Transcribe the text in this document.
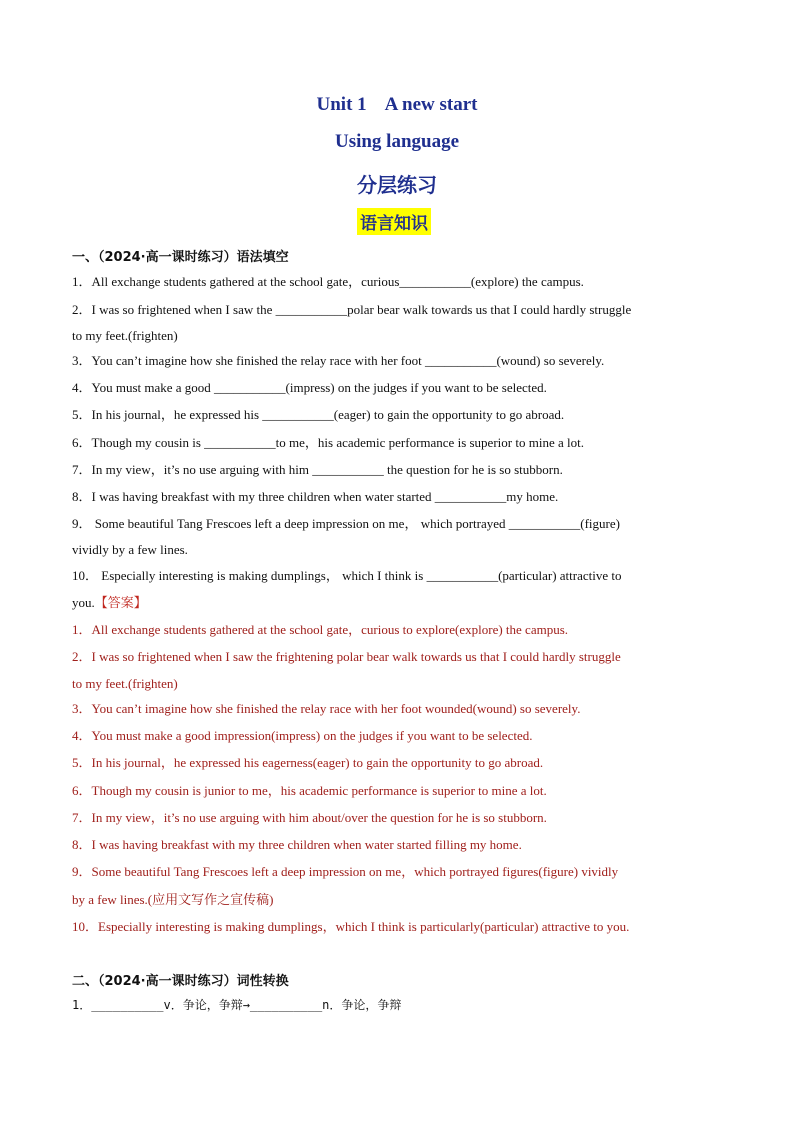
Unit 1    A new start
Using language
分层练习
语言知识
一、（2024·高一课时练习）语法填空
1．All exchange students gathered at the school gate，curious___________(explore) the campus.
2．I was so frightened when I saw the ___________polar bear walk towards us that I could hardly struggle
to my feet.(frighten)
3．You can’t imagine how she finished the relay race with her foot ___________(wound) so severely.
4．You must make a good ___________(impress) on the judges if you want to be selected.
5．In his journal，he expressed his ___________(eager) to gain the opportunity to go abroad.
6．Though my cousin is ___________to me，his academic performance is superior to mine a lot.
7．In my view，it’s no use arguing with him ___________ the question for he is so stubborn.
8．I was having breakfast with my three children when water started ___________my home.
9． Some beautiful Tang Frescoes left a deep impression on me， which portrayed ___________(figure)
vividly by a few lines.
10． Especially interesting is making dumplings， which I think is ___________(particular) attractive to
you.【答案】
1．All exchange students gathered at the school gate，curious to explore(explore) the campus.
2．I was so frightened when I saw the frightening polar bear walk towards us that I could hardly struggle
to my feet.(frighten)
3．You can’t imagine how she finished the relay race with her foot wounded(wound) so severely.
4．You must make a good impression(impress) on the judges if you want to be selected.
5．In his journal，he expressed his eagerness(eager) to gain the opportunity to go abroad.
6．Though my cousin is junior to me，his academic performance is superior to mine a lot.
7．In my view，it’s no use arguing with him about/over the question for he is so stubborn.
8．I was having breakfast with my three children when water started filling my home.
9．Some beautiful Tang Frescoes left a deep impression on me，which portrayed figures(figure) vividly
by a few lines.(应用文写作之宣传稿)
10．Especially interesting is making dumplings，which I think is particularly(particular) attractive to you.
二、（2024·高一课时练习）词性转换
1．__________v．争论，争辩→__________n．争论，争辩
